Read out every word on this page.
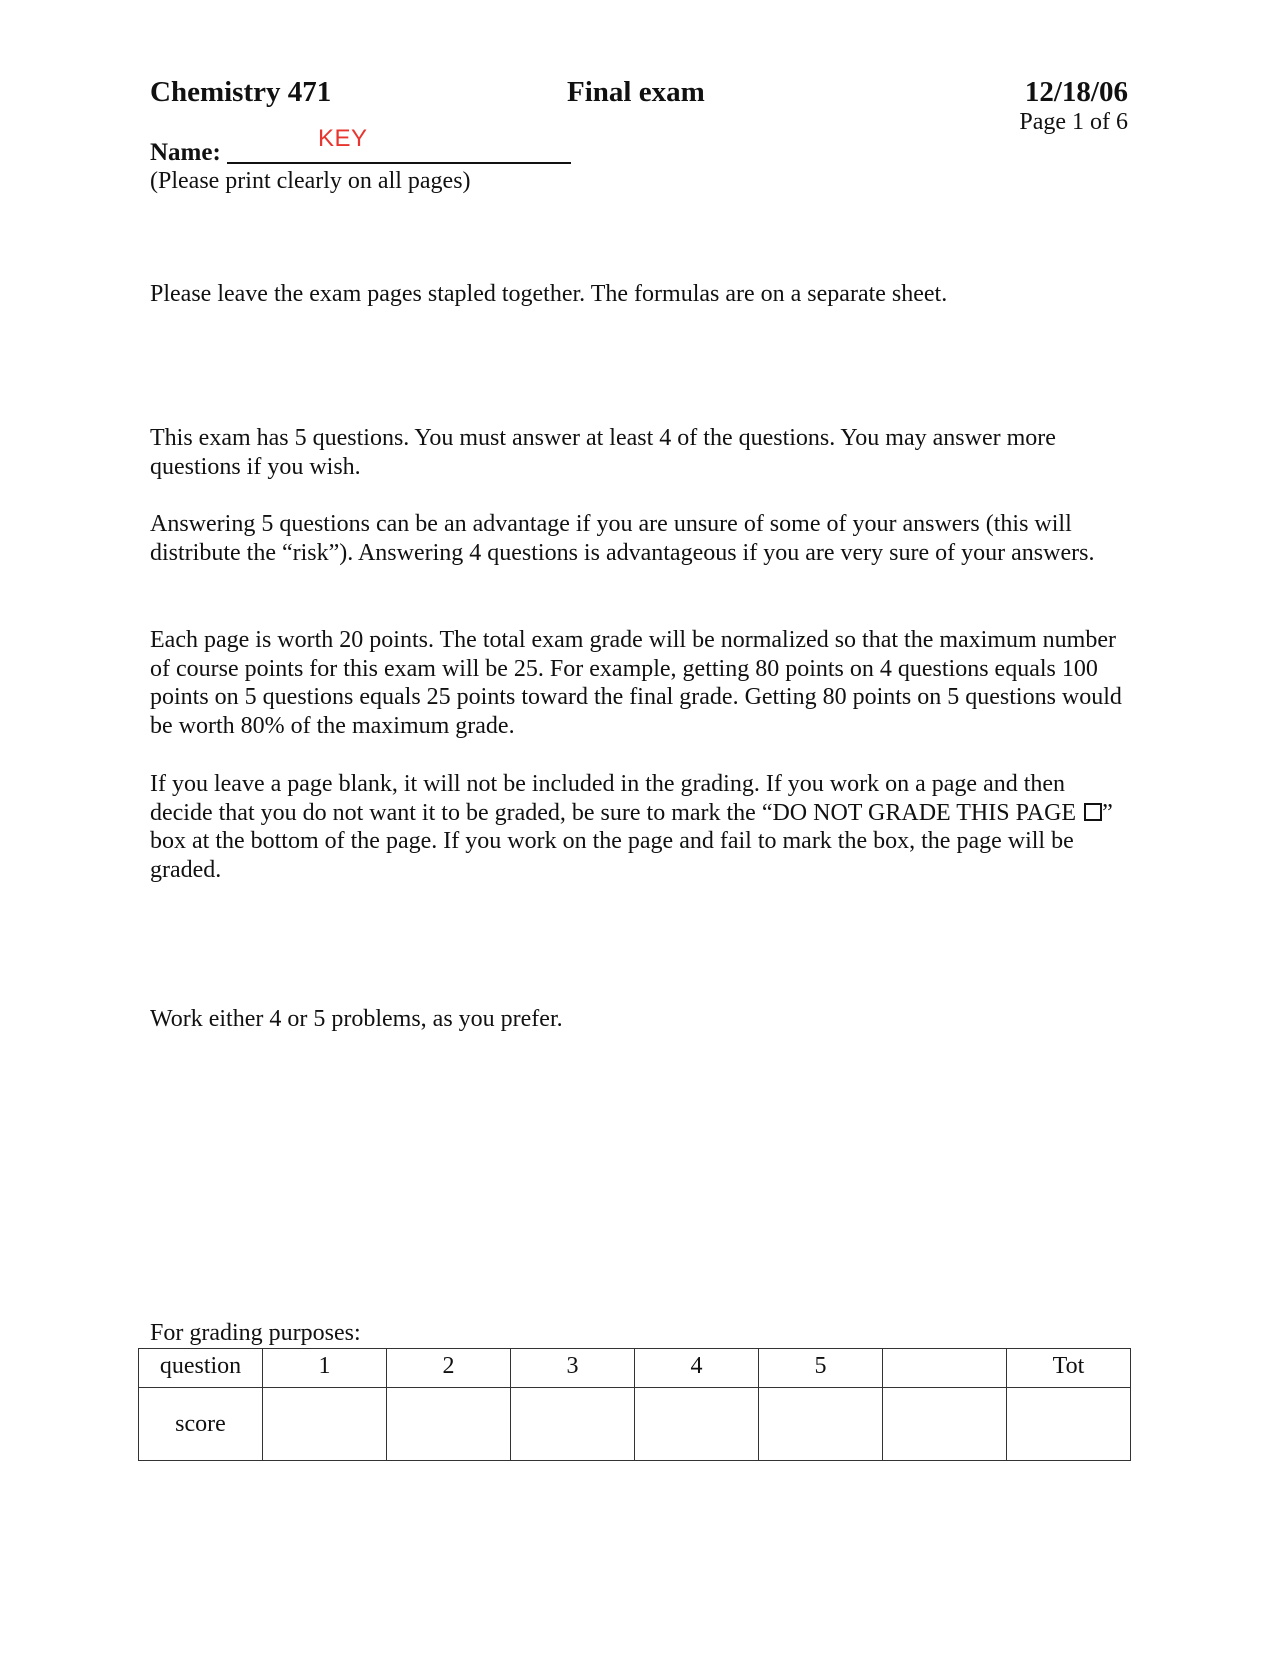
Chemistry 471	Final exam	12/18/06
Page 1 of 6
KEY
Name:
(Please print clearly on all pages)
Please leave the exam pages stapled together. The formulas are on a separate sheet.
This exam has 5 questions. You must answer at least 4 of the questions. You may answer more questions if you wish.
Answering 5 questions can be an advantage if you are unsure of some of your answers (this will distribute the “risk”). Answering 4 questions is advantageous if you are very sure of your answers.
Each page is worth 20 points. The total exam grade will be normalized so that the maximum number of course points for this exam will be 25. For example, getting 80 points on 4 questions equals 100 points on 5 questions equals 25 points toward the final grade. Getting 80 points on 5 questions would be worth 80% of the maximum grade.
If you leave a page blank, it will not be included in the grading. If you work on a page and then decide that you do not want it to be graded, be sure to mark the “DO NOT GRADE THIS PAGE ” box at the bottom of the page. If you work on the page and fail to mark the box, the page will be graded.
Work either 4 or 5 problems, as you prefer.
For grading purposes:
question	1	2	3	4	5		Tot
score							
